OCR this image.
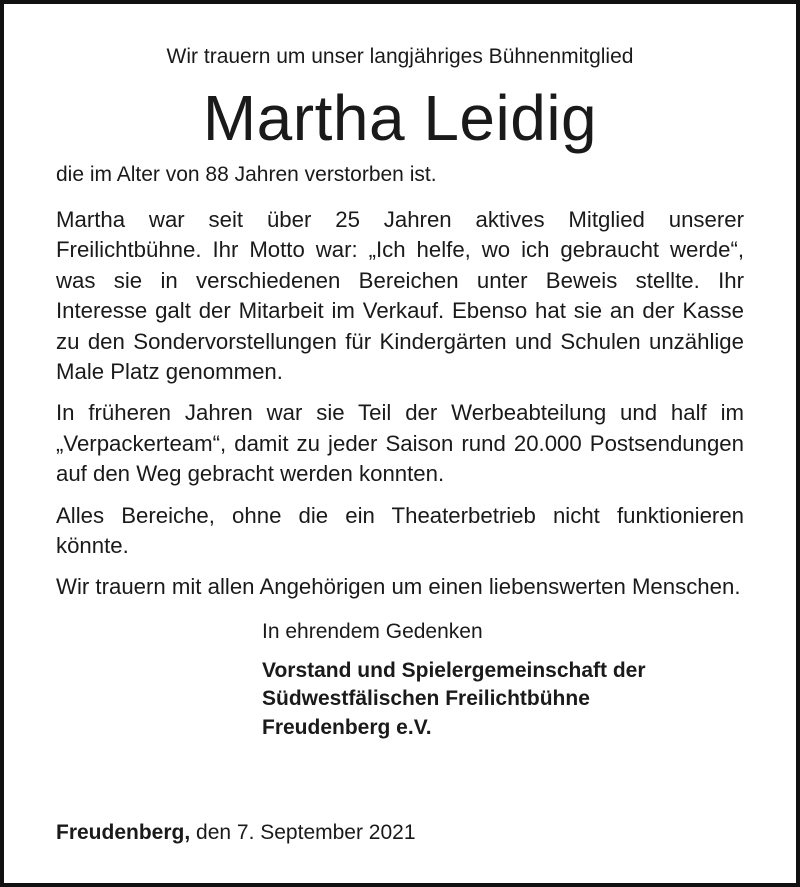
Wir trauern um unser langjähriges Bühnenmitglied

Martha Leidig

die im Alter von 88 Jahren verstorben ist.

Martha war seit über 25 Jahren aktives Mitglied unserer Freilichtbühne. Ihr Motto war: „Ich helfe, wo ich gebraucht werde“, was sie in verschiedenen Bereichen unter Beweis stellte. Ihr Interesse galt der Mitarbeit im Verkauf. Ebenso hat sie an der Kasse zu den Sondervorstellungen für Kindergärten und Schulen unzählige Male Platz genommen.

In früheren Jahren war sie Teil der Werbeabteilung und half im „Verpackerteam“, damit zu jeder Saison rund 20.000 Postsendungen auf den Weg gebracht werden konnten.

Alles Bereiche, ohne die ein Theaterbetrieb nicht funktionieren könnte.

Wir trauern mit allen Angehörigen um einen liebenswerten Menschen.

In ehrendem Gedenken

Vorstand und Spielergemeinschaft der
Südwestfälischen Freilichtbühne
Freudenberg e.V.

Freudenberg, den 7. September 2021
